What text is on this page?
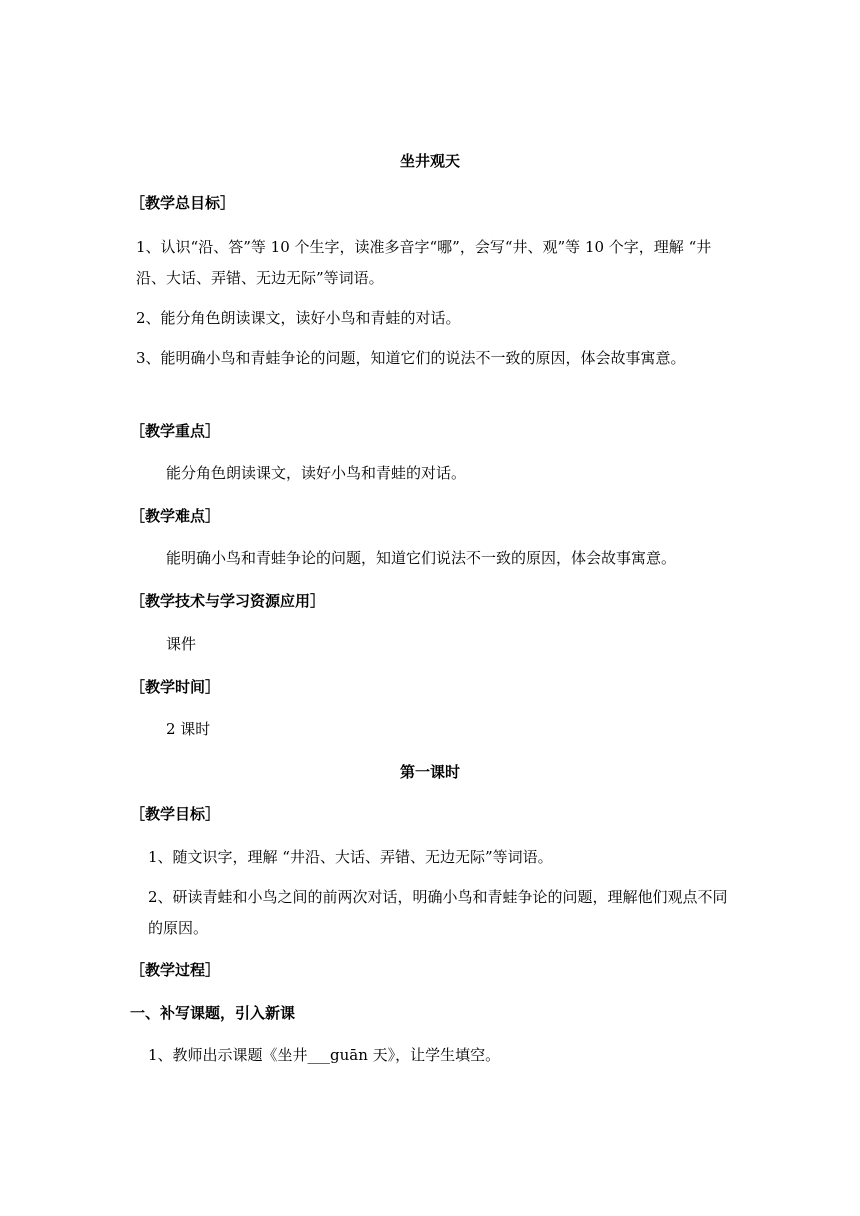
坐井观天
［教学总目标］
1、认识“沿、答”等 10 个生字，读准多音字“哪”，会写“井、观”等 10 个字，理解 “井沿、大话、弄错、无边无际”等词语。
2、能分角色朗读课文，读好小鸟和青蛙的对话。
3、能明确小鸟和青蛙争论的问题，知道它们的说法不一致的原因，体会故事寓意。
［教学重点］
能分角色朗读课文，读好小鸟和青蛙的对话。
［教学难点］
能明确小鸟和青蛙争论的问题，知道它们说法不一致的原因，体会故事寓意。
［教学技术与学习资源应用］
课件
［教学时间］
2 课时
第一课时
［教学目标］
1、随文识字，理解 “井沿、大话、弄错、无边无际”等词语。
2、研读青蛙和小鸟之间的前两次对话，明确小鸟和青蛙争论的问题，理解他们观点不同的原因。
［教学过程］
一、补写课题，引入新课
1、教师出示课题《坐井___guān 天》，让学生填空。
